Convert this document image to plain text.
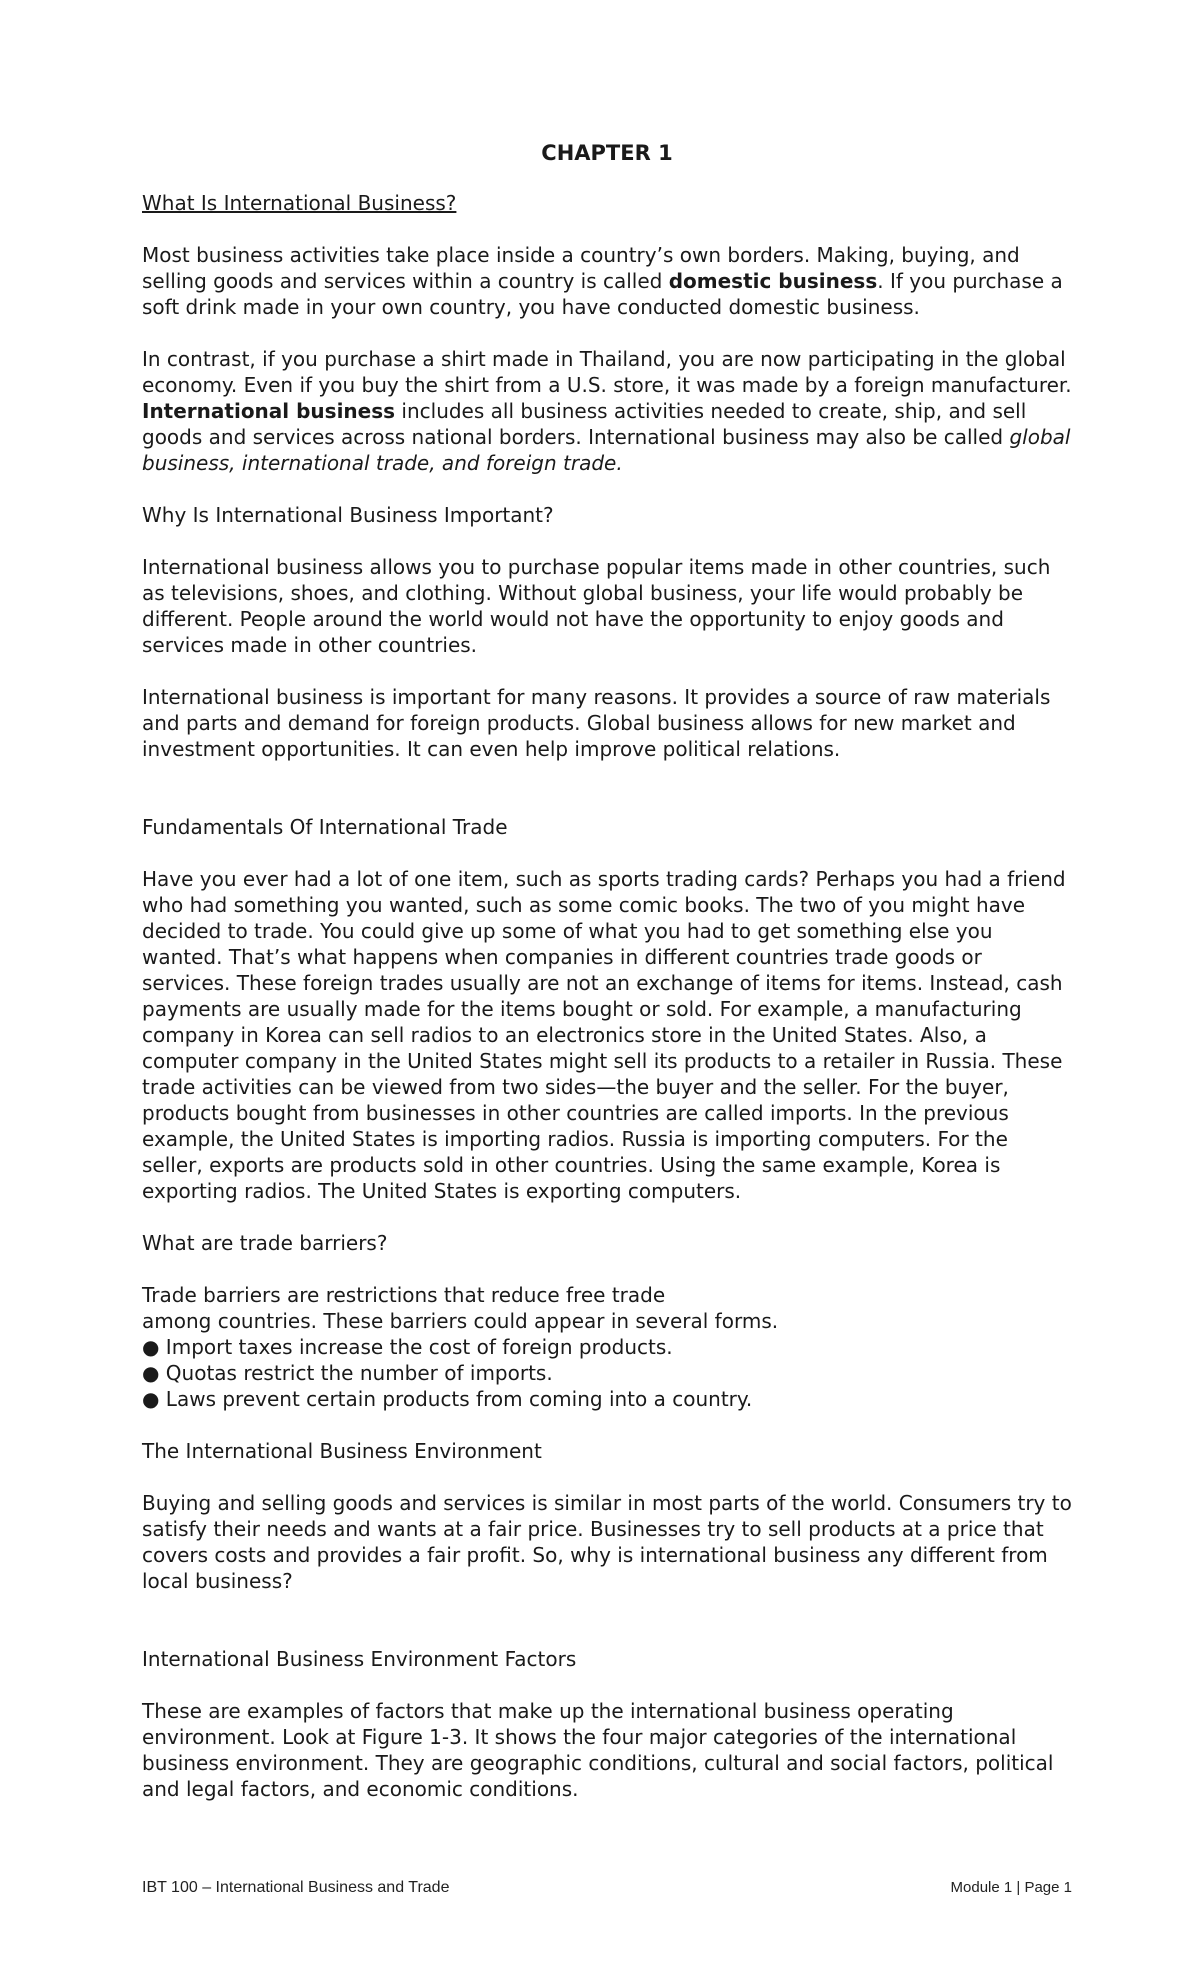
CHAPTER 1
What Is International Business?

Most business activities take place inside a country’s own borders. Making, buying, and selling goods and services within a country is called domestic business. If you purchase a soft drink made in your own country, you have conducted domestic business.

In contrast, if you purchase a shirt made in Thailand, you are now participating in the global economy. Even if you buy the shirt from a U.S. store, it was made by a foreign manufacturer. International business includes all business activities needed to create, ship, and sell goods and services across national borders. International business may also be called global business, international trade, and foreign trade.

Why Is International Business Important?

International business allows you to purchase popular items made in other countries, such as televisions, shoes, and clothing. Without global business, your life would probably be different. People around the world would not have the opportunity to enjoy goods and services made in other countries.

International business is important for many reasons. It provides a source of raw materials and parts and demand for foreign products. Global business allows for new market and investment opportunities. It can even help improve political relations.

Fundamentals Of International Trade

Have you ever had a lot of one item, such as sports trading cards? Perhaps you had a friend who had something you wanted, such as some comic books. The two of you might have decided to trade. You could give up some of what you had to get something else you wanted. That’s what happens when companies in different countries trade goods or services. These foreign trades usually are not an exchange of items for items. Instead, cash payments are usually made for the items bought or sold. For example, a manufacturing company in Korea can sell radios to an electronics store in the United States. Also, a computer company in the United States might sell its products to a retailer in Russia. These trade activities can be viewed from two sides—the buyer and the seller. For the buyer, products bought from businesses in other countries are called imports. In the previous example, the United States is importing radios. Russia is importing computers. For the seller, exports are products sold in other countries. Using the same example, Korea is exporting radios. The United States is exporting computers.

What are trade barriers?
Trade barriers are restrictions that reduce free trade
among countries. These barriers could appear in several forms.
● Import taxes increase the cost of foreign products.
● Quotas restrict the number of imports.
● Laws prevent certain products from coming into a country.
The International Business Environment

Buying and selling goods and services is similar in most parts of the world. Consumers try to satisfy their needs and wants at a fair price. Businesses try to sell products at a price that covers costs and provides a fair profit. So, why is international business any different from local business?

International Business Environment Factors

These are examples of factors that make up the international business operating environment. Look at Figure 1-3. It shows the four major categories of the international business environment. They are geographic conditions, cultural and social factors, political and legal factors, and economic conditions.

IBT 100 – International Business and Trade	Module 1 | Page 1
